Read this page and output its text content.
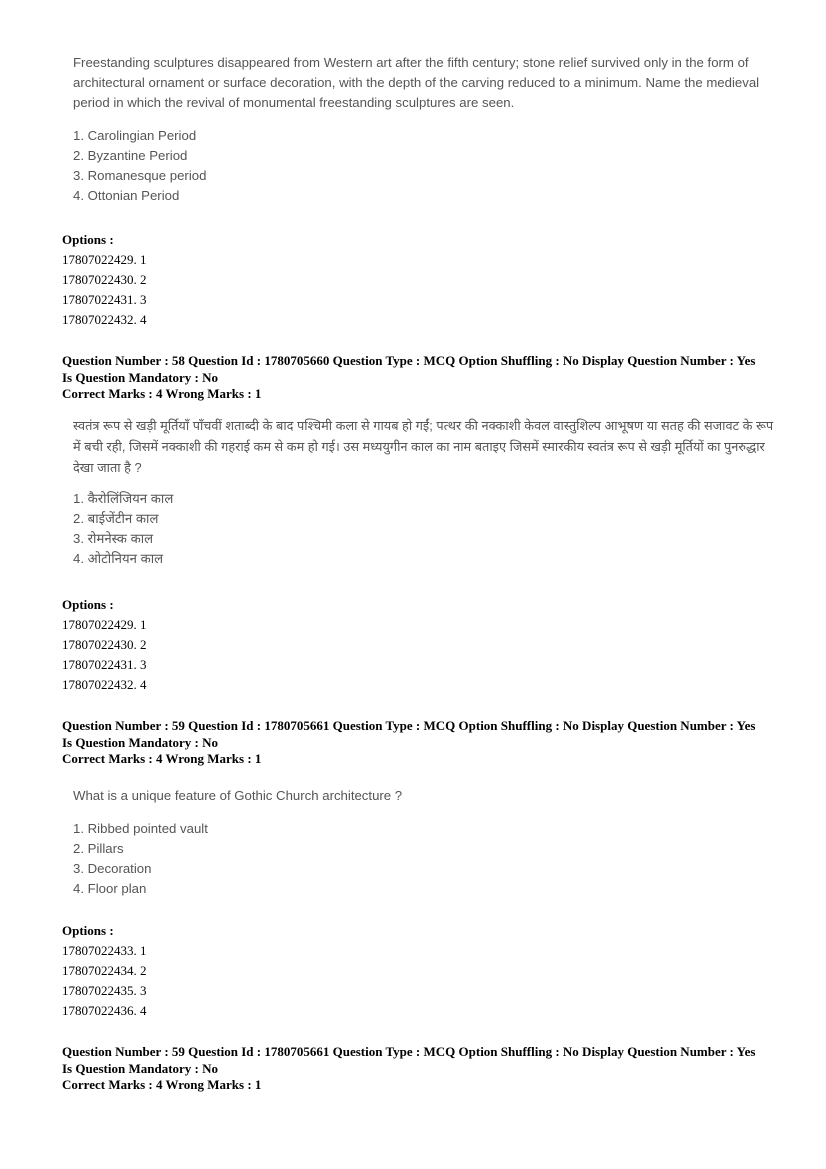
Freestanding sculptures disappeared from Western art after the fifth century; stone relief survived only in the form of architectural ornament or surface decoration, with the depth of the carving reduced to a minimum. Name the medieval period in which the revival of monumental freestanding sculptures are seen.

1. Carolingian Period
2. Byzantine Period
3. Romanesque period
4. Ottonian Period
Options :
17807022429. 1
17807022430. 2
17807022431. 3
17807022432. 4
Question Number : 58 Question Id : 1780705660 Question Type : MCQ Option Shuffling : No Display Question Number : Yes
Is Question Mandatory : No
Correct Marks : 4 Wrong Marks : 1

स्वतंत्र रूप से खड़ी मूर्तियाँ पाँचवीं शताब्दी के बाद पश्चिमी कला से गायब हो गईं; पत्थर की नक्काशी केवल वास्तुशिल्प आभूषण या सतह की सजावट के रूप में बची रही, जिसमें नक्काशी की गहराई कम से कम हो गई। उस मध्ययुगीन काल का नाम बताइए जिसमें स्मारकीय स्वतंत्र रूप से खड़ी मूर्तियों का पुनरुद्धार देखा जाता है ?

1. कैरोलिंजियन काल
2. बाईजेंटीन काल
3. रोमनेस्क काल
4. ओटोनियन काल
Options :
17807022429. 1
17807022430. 2
17807022431. 3
17807022432. 4
Question Number : 59 Question Id : 1780705661 Question Type : MCQ Option Shuffling : No Display Question Number : Yes
Is Question Mandatory : No
Correct Marks : 4 Wrong Marks : 1

What is a unique feature of Gothic Church architecture ?

1. Ribbed pointed vault
2. Pillars
3. Decoration
4. Floor plan
Options :
17807022433. 1
17807022434. 2
17807022435. 3
17807022436. 4
Question Number : 59 Question Id : 1780705661 Question Type : MCQ Option Shuffling : No Display Question Number : Yes
Is Question Mandatory : No
Correct Marks : 4 Wrong Marks : 1
